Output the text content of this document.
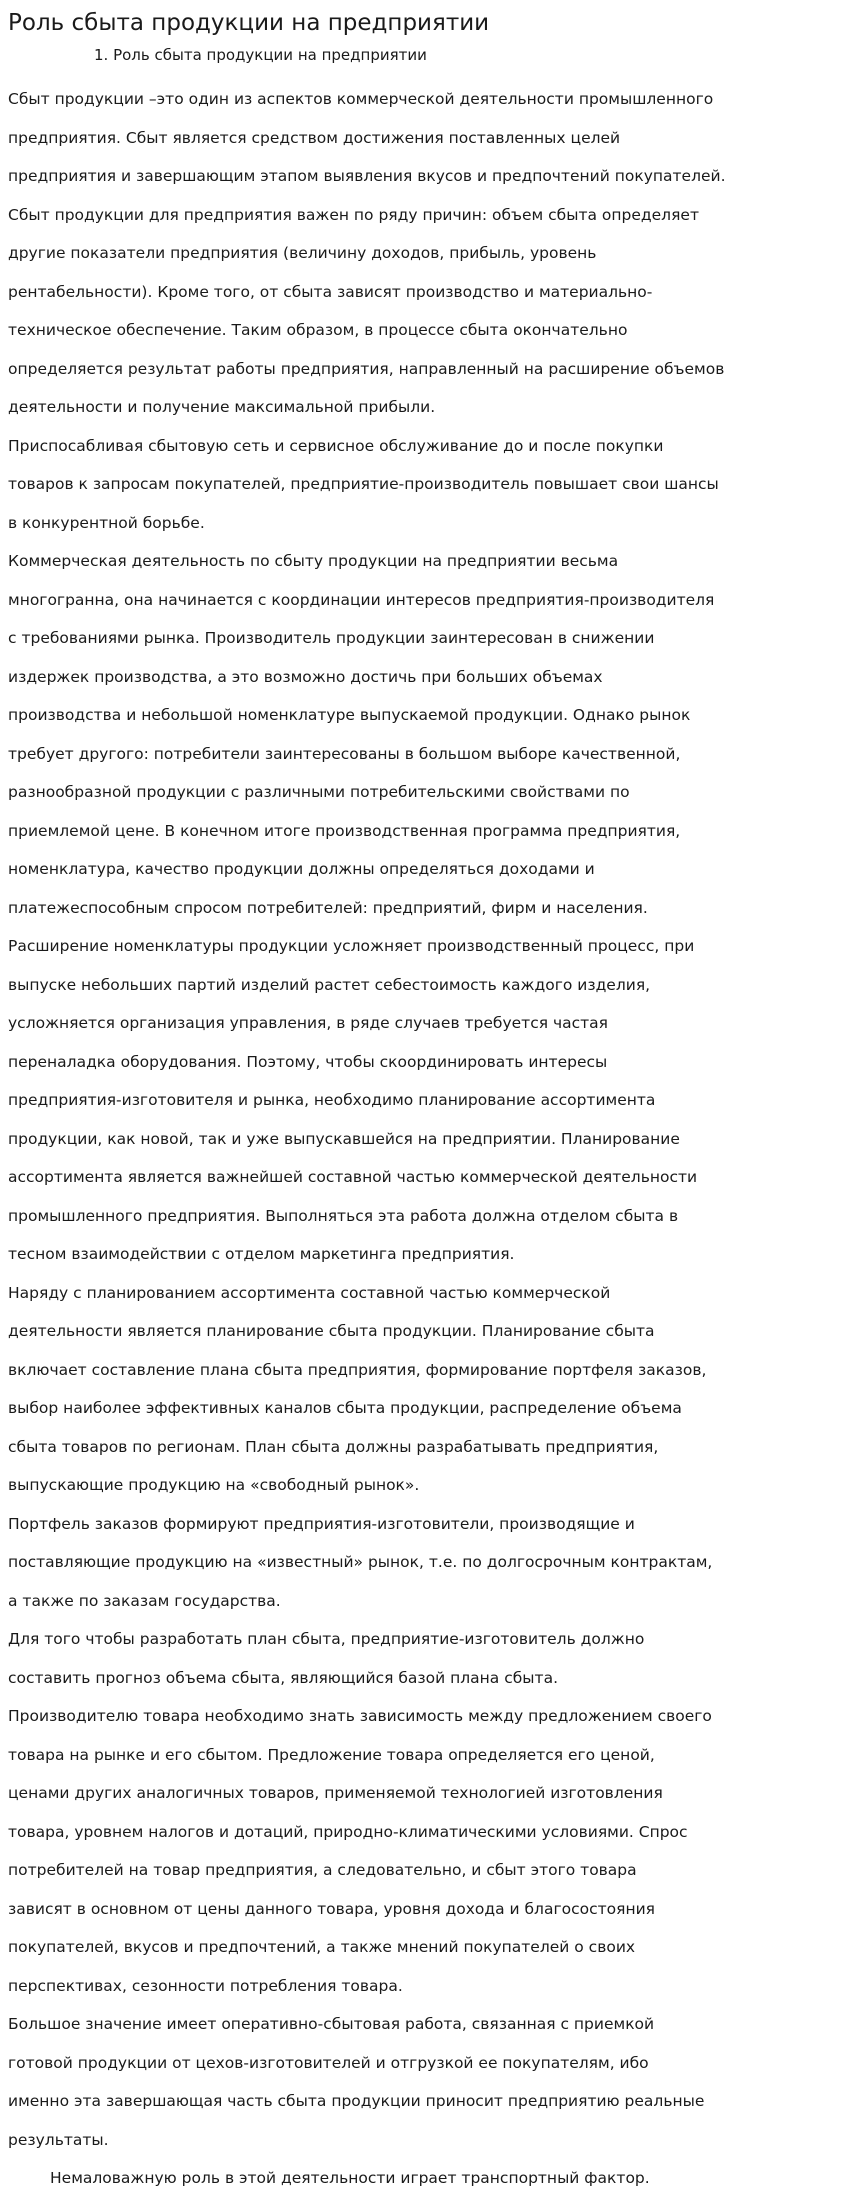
Роль сбыта продукции на предприятии
1. Роль сбыта продукции на предприятии
Сбыт продукции –это один из аспектов коммерческой деятельности промышленного
предприятия. Сбыт является средством достижения поставленных целей
предприятия и завершающим этапом выявления вкусов и предпочтений покупателей.
Сбыт продукции для предприятия важен по ряду причин: объем сбыта определяет
другие показатели предприятия (величину доходов, прибыль, уровень
рентабельности). Кроме того, от сбыта зависят производство и материально-
техническое обеспечение. Таким образом, в процессе сбыта окончательно
определяется результат работы предприятия, направленный на расширение объемов
деятельности и получение максимальной прибыли.
Приспосабливая сбытовую сеть и сервисное обслуживание до и после покупки
товаров к запросам покупателей, предприятие-производитель повышает свои шансы
в конкурентной борьбе.
Коммерческая деятельность по сбыту продукции на предприятии весьма
многогранна, она начинается с координации интересов предприятия-производителя
с требованиями рынка. Производитель продукции заинтересован в снижении
издержек производства, а это возможно достичь при больших объемах
производства и небольшой номенклатуре выпускаемой продукции. Однако рынок
требует другого: потребители заинтересованы в большом выборе качественной,
разнообразной продукции с различными потребительскими свойствами по
приемлемой цене. В конечном итоге производственная программа предприятия,
номенклатура, качество продукции должны определяться доходами и
платежеспособным спросом потребителей: предприятий, фирм и населения.
Расширение номенклатуры продукции усложняет производственный процесс, при
выпуске небольших партий изделий растет себестоимость каждого изделия,
усложняется организация управления, в ряде случаев требуется частая
переналадка оборудования. Поэтому, чтобы скоординировать интересы
предприятия-изготовителя и рынка, необходимо планирование ассортимента
продукции, как новой, так и уже выпускавшейся на предприятии. Планирование
ассортимента является важнейшей составной частью коммерческой деятельности
промышленного предприятия. Выполняться эта работа должна отделом сбыта в
тесном взаимодействии с отделом маркетинга предприятия.
Наряду с планированием ассортимента составной частью коммерческой
деятельности является планирование сбыта продукции. Планирование сбыта
включает составление плана сбыта предприятия, формирование портфеля заказов,
выбор наиболее эффективных каналов сбыта продукции, распределение объема
сбыта товаров по регионам. План сбыта должны разрабатывать предприятия,
выпускающие продукцию на «свободный рынок».
Портфель заказов формируют предприятия-изготовители, производящие и
поставляющие продукцию на «известный» рынок, т.е. по долгосрочным контрактам,
а также по заказам государства.
Для того чтобы разработать план сбыта, предприятие-изготовитель должно
составить прогноз объема сбыта, являющийся базой плана сбыта.
Производителю товара необходимо знать зависимость между предложением своего
товара на рынке и его сбытом. Предложение товара определяется его ценой,
ценами других аналогичных товаров, применяемой технологией изготовления
товара, уровнем налогов и дотаций, природно-климатическими условиями. Спрос
потребителей на товар предприятия, а следовательно, и сбыт этого товара
зависят в основном от цены данного товара, уровня дохода и благосостояния
покупателей, вкусов и предпочтений, а также мнений покупателей о своих
перспективах, сезонности потребления товара.
Большое значение имеет оперативно-сбытовая работа, связанная с приемкой
готовой продукции от цехов-изготовителей и отгрузкой ее покупателям, ибо
именно эта завершающая часть сбыта продукции приносит предприятию реальные
результаты.
Немаловажную роль в этой деятельности играет транспортный фактор.
